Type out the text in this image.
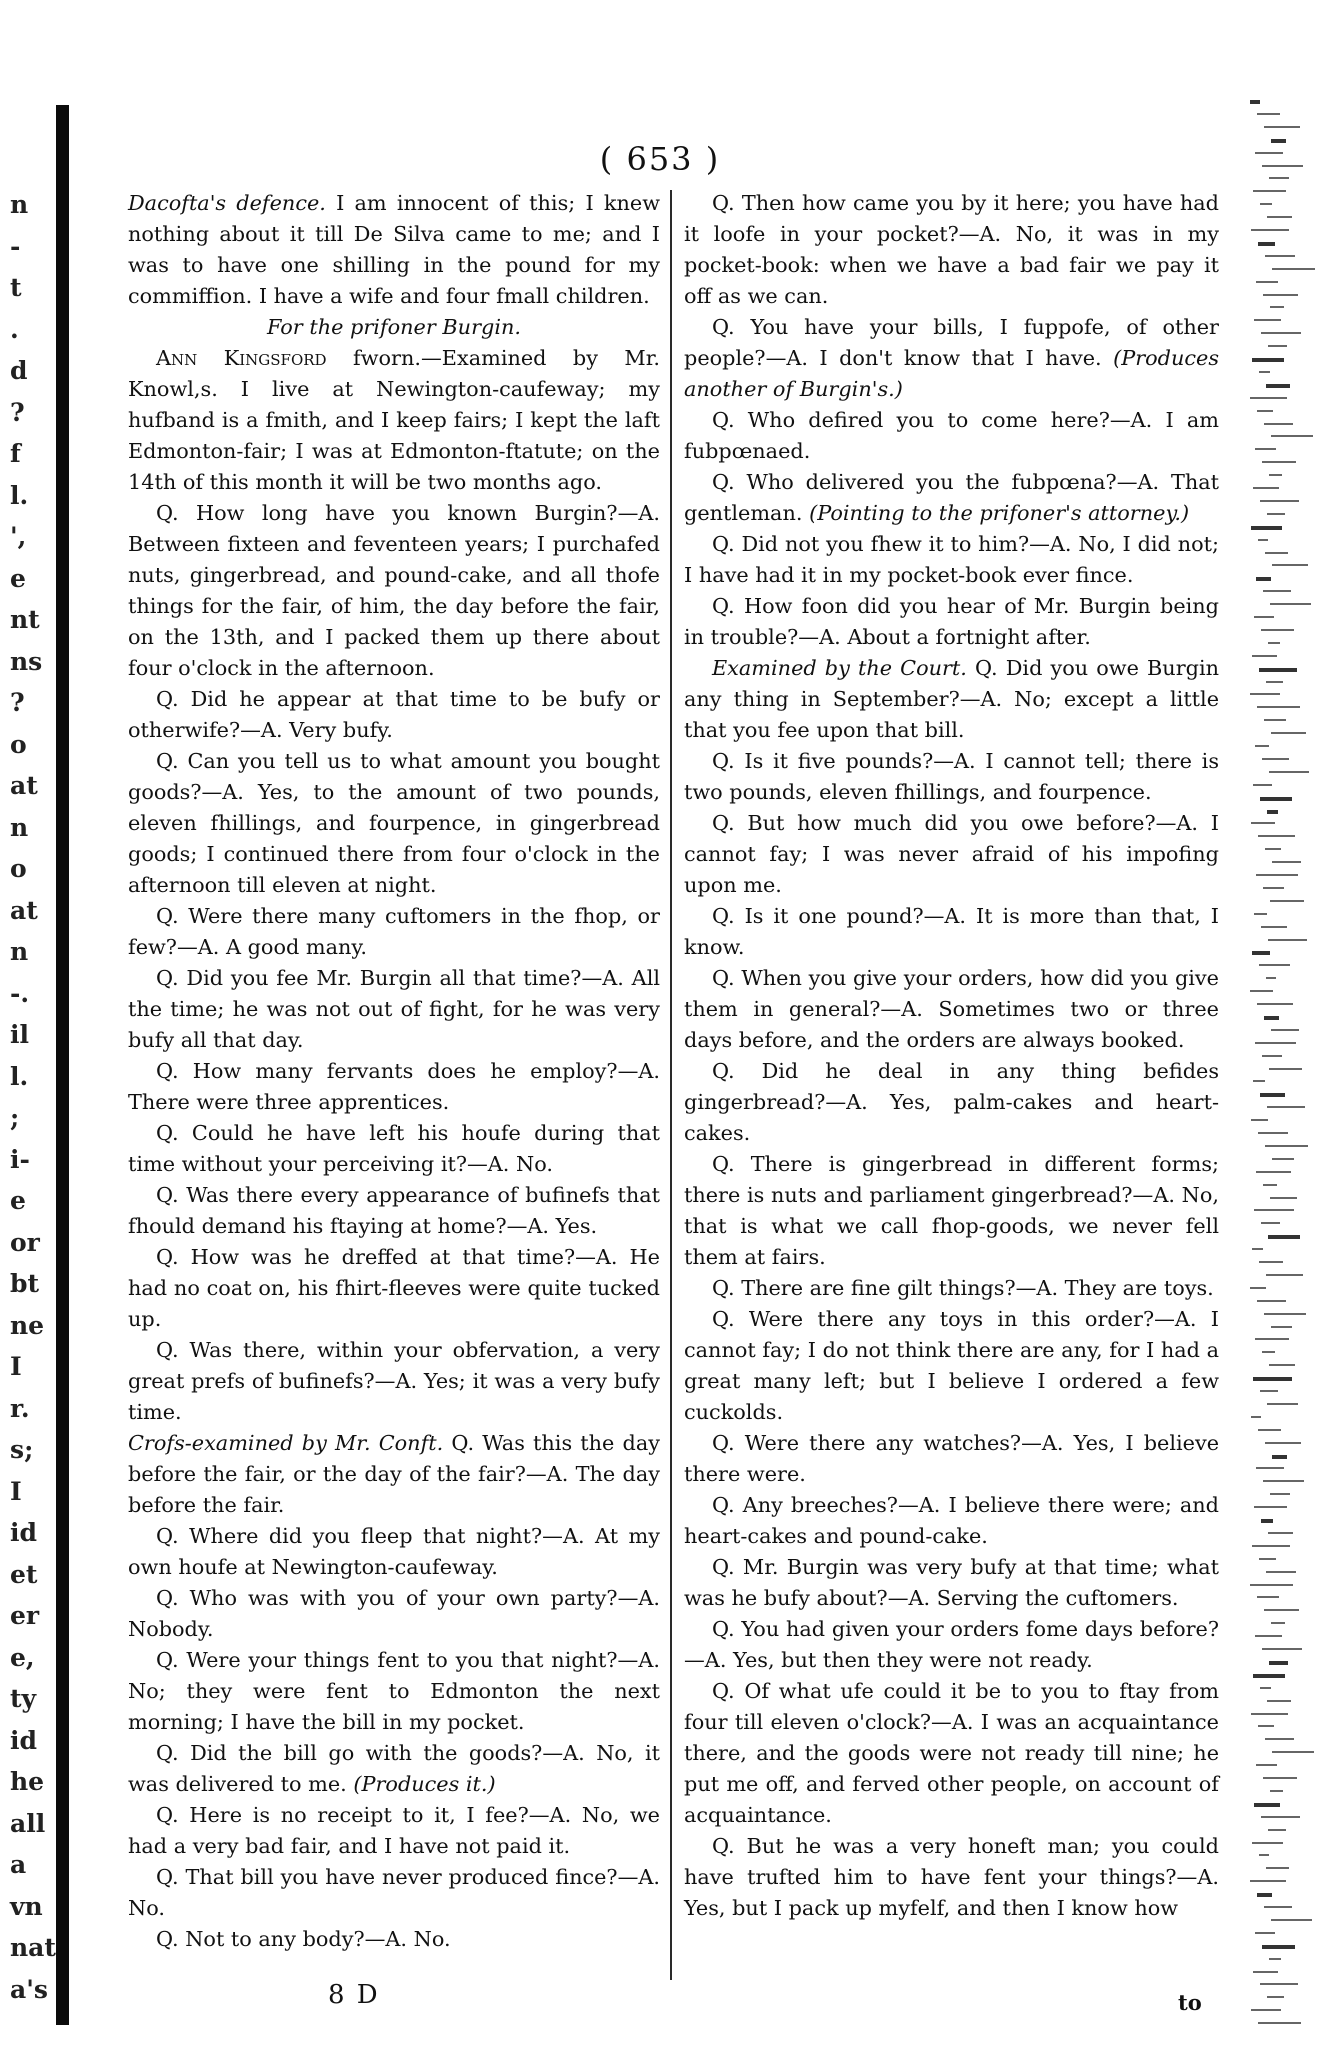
n
-
t
.
d
?
f
l.
',
e
nt
ns
?
o
at
n
o
at
n
-.
il
l.
;
i-
e
or
bt
ne
I
r.
s;
I
id
et
er
e,
ty
id
he
all
a
vn
nat
a's
( 653 )

Dacofta's defence. I am innocent of this; I knew nothing about it till De Silva came to me; and I was to have one shilling in the pound for my commiffion. I have a wife and four fmall children.

For the prifoner Burgin.

Ann Kingsford fworn.—Examined by Mr. Knowl,s. I live at Newington-caufeway; my hufband is a fmith, and I keep fairs; I kept the laft Edmonton-fair; I was at Edmonton-ftatute; on the 14th of this month it will be two months ago.

Q. How long have you known Burgin?—A. Between fixteen and feventeen years; I purchafed nuts, gingerbread, and pound-cake, and all thofe things for the fair, of him, the day before the fair, on the 13th, and I packed them up there about four o'clock in the afternoon.

Q. Did he appear at that time to be bufy or otherwife?—A. Very bufy.

Q. Can you tell us to what amount you bought goods?—A. Yes, to the amount of two pounds, eleven fhillings, and fourpence, in gingerbread goods; I continued there from four o'clock in the afternoon till eleven at night.

Q. Were there many cuftomers in the fhop, or few?—A. A good many.

Q. Did you fee Mr. Burgin all that time?—A. All the time; he was not out of fight, for he was very bufy all that day.

Q. How many fervants does he employ?—A. There were three apprentices.

Q. Could he have left his houfe during that time without your perceiving it?—A. No.

Q. Was there every appearance of bufinefs that fhould demand his ftaying at home?—A. Yes.

Q. How was he dreffed at that time?—A. He had no coat on, his fhirt-fleeves were quite tucked up.

Q. Was there, within your obfervation, a very great prefs of bufinefs?—A. Yes; it was a very bufy time.

Crofs-examined by Mr. Conft. Q. Was this the day before the fair, or the day of the fair?—A. The day before the fair.

Q. Where did you fleep that night?—A. At my own houfe at Newington-caufeway.

Q. Who was with you of your own party?—A. Nobody.

Q. Were your things fent to you that night?—A. No; they were fent to Edmonton the next morning; I have the bill in my pocket.

Q. Did the bill go with the goods?—A. No, it was delivered to me. (Produces it.)

Q. Here is no receipt to it, I fee?—A. No, we had a very bad fair, and I have not paid it.

Q. That bill you have never produced fince?—A. No.

Q. Not to any body?—A. No.

Q. Then how came you by it here; you have had it loofe in your pocket?—A. No, it was in my pocket-book: when we have a bad fair we pay it off as we can.

Q. You have your bills, I fuppofe, of other people?—A. I don't know that I have. (Produces another of Burgin's.)

Q. Who defired you to come here?—A. I am fubpœnaed.

Q. Who delivered you the fubpœna?—A. That gentleman. (Pointing to the prifoner's attorney.)

Q. Did not you fhew it to him?—A. No, I did not; I have had it in my pocket-book ever fince.

Q. How foon did you hear of Mr. Burgin being in trouble?—A. About a fortnight after.

Examined by the Court. Q. Did you owe Burgin any thing in September?—A. No; except a little that you fee upon that bill.

Q. Is it five pounds?—A. I cannot tell; there is two pounds, eleven fhillings, and fourpence.

Q. But how much did you owe before?—A. I cannot fay; I was never afraid of his impofing upon me.

Q. Is it one pound?—A. It is more than that, I know.

Q. When you give your orders, how did you give them in general?—A. Sometimes two or three days before, and the orders are always booked.

Q. Did he deal in any thing befides gingerbread?—A. Yes, palm-cakes and heart-cakes.

Q. There is gingerbread in different forms; there is nuts and parliament gingerbread?—A. No, that is what we call fhop-goods, we never fell them at fairs.

Q. There are fine gilt things?—A. They are toys.

Q. Were there any toys in this order?—A. I cannot fay; I do not think there are any, for I had a great many left; but I believe I ordered a few cuckolds.

Q. Were there any watches?—A. Yes, I believe there were.

Q. Any breeches?—A. I believe there were; and heart-cakes and pound-cake.

Q. Mr. Burgin was very bufy at that time; what was he bufy about?—A. Serving the cuftomers.

Q. You had given your orders fome days before?—A. Yes, but then they were not ready.

Q. Of what ufe could it be to you to ftay from four till eleven o'clock?—A. I was an acquaintance there, and the goods were not ready till nine; he put me off, and ferved other people, on account of acquaintance.

Q. But he was a very honeft man; you could have trufted him to have fent your things?—A. Yes, but I pack up myfelf, and then I know how

8 D	to
